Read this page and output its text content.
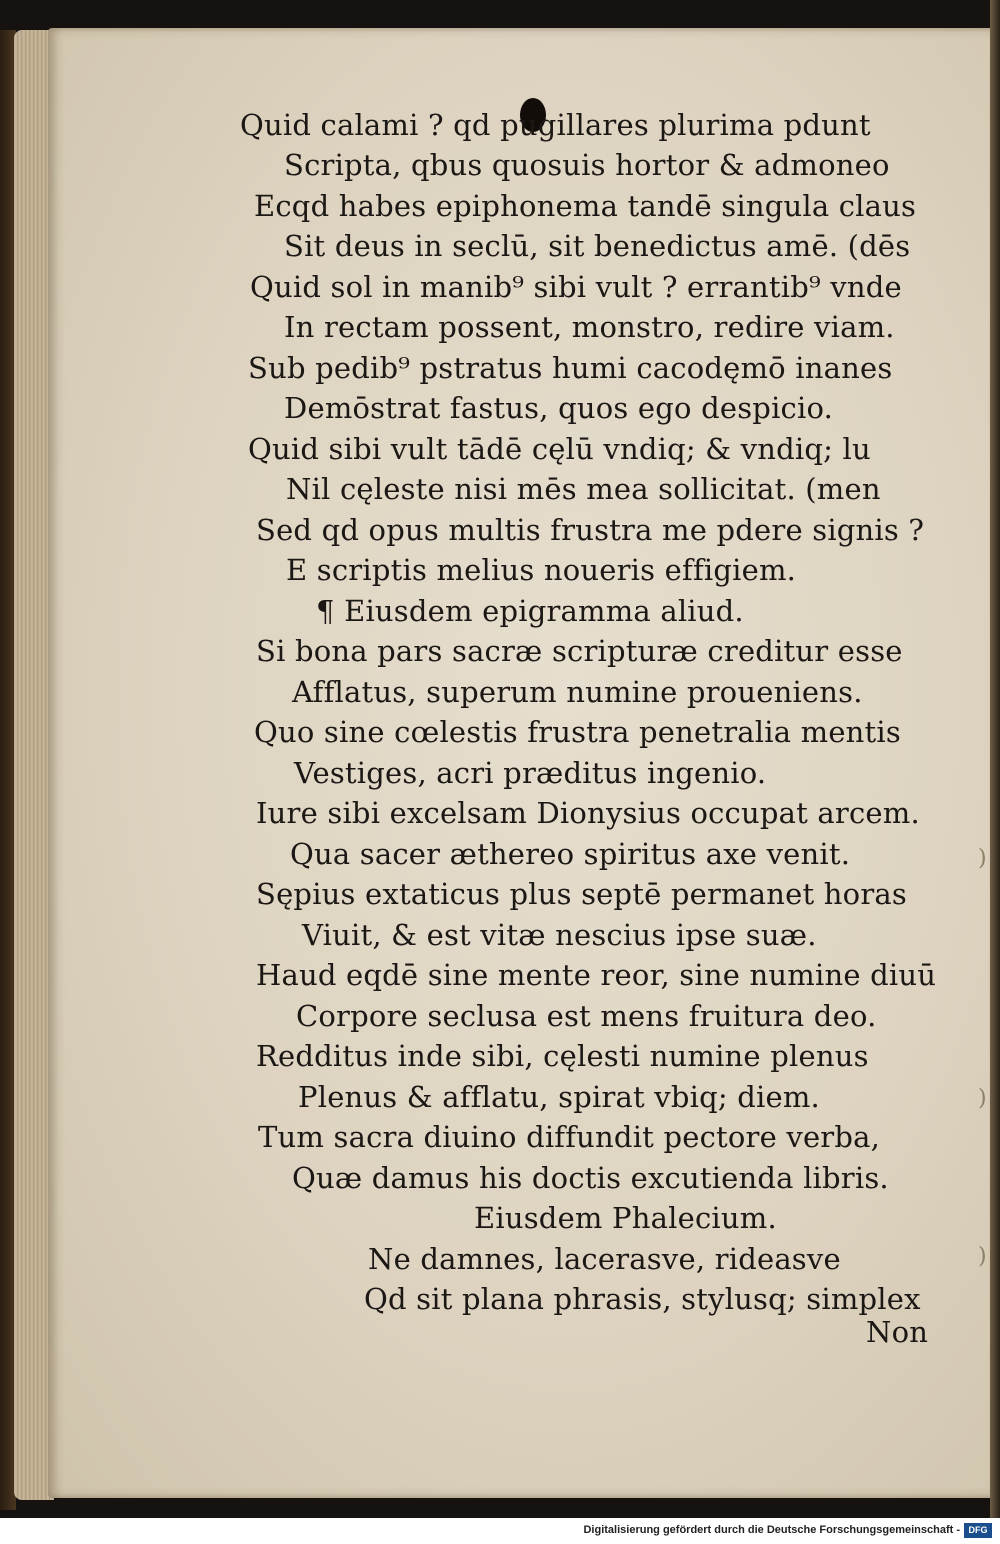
)
)
)
Quid calami ? qd pugillares plurima pdunt
Scripta, qbus quosuis hortor & admoneo
Ecqd habes epiphonema tandē singula claus
Sit deus in seclū, sit benedictus amē. (dēs
Quid sol in manib⁹ sibi vult ? errantib⁹ vnde
In rectam possent, monstro, redire viam.
Sub pedib⁹ pstratus humi cacodęmō inanes
Demōstrat fastus, quos ego despicio.
Quid sibi vult tādē cęlū vndiq; & vndiq; lu
Nil cęleste nisi mēs mea sollicitat. (men
Sed qd opus multis frustra me pdere signis ?
E scriptis melius noueris effigiem.
¶ Eiusdem epigramma aliud.
Si bona pars sacræ scripturæ creditur esse
Afflatus, superum numine proueniens.
Quo sine cœlestis frustra penetralia mentis
Vestiges, acri præditus ingenio.
Iure sibi excelsam Dionysius occupat arcem.
Qua sacer æthereo spiritus axe venit.
Sępius extaticus plus septē permanet horas
Viuit, & est vitæ nescius ipse suæ.
Haud eqdē sine mente reor, sine numine diuū
Corpore seclusa est mens fruitura deo.
Redditus inde sibi, cęlesti numine plenus
Plenus & afflatu, spirat vbiq; diem.
Tum sacra diuino diffundit pectore verba,
Quæ damus his doctis excutienda libris.
Eiusdem Phalecium.
Ne damnes, lacerasve, rideasve
Qd sit plana phrasis, stylusq; simplex
Non
Digitalisierung gefördert durch die Deutsche Forschungsgemeinschaft - DFG
